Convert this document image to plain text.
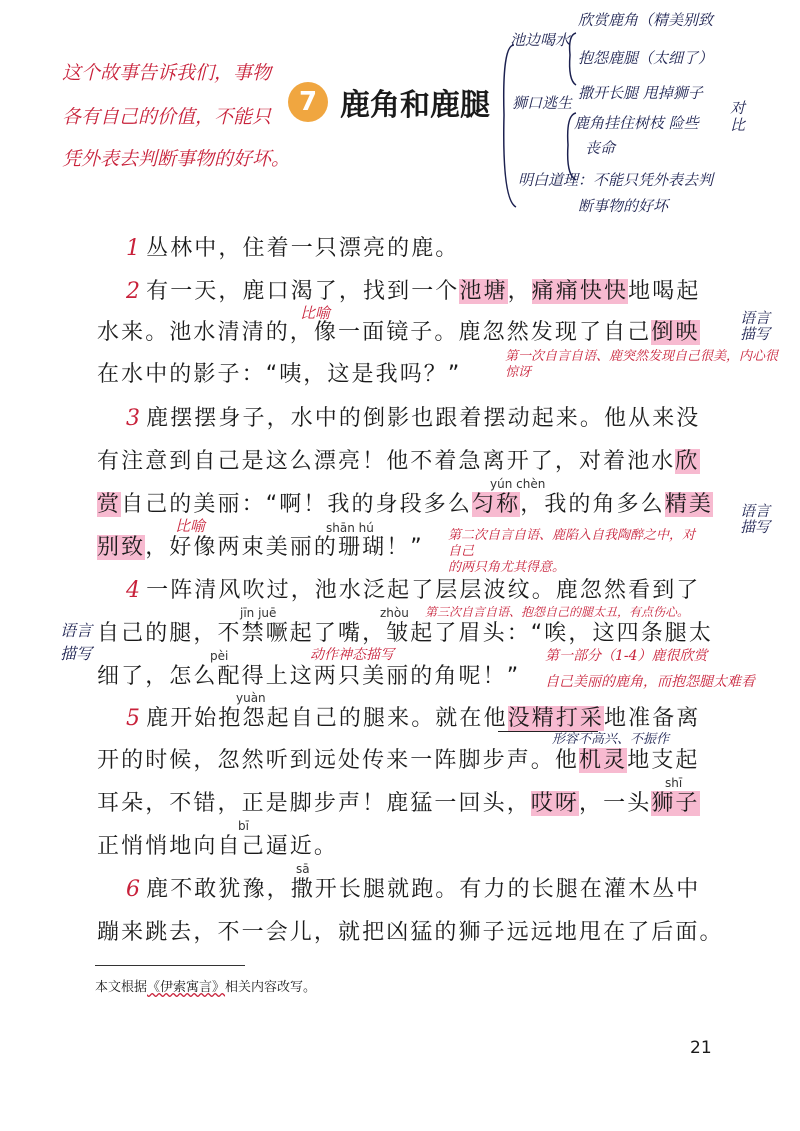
这个故事告诉我们，事物
各有自己的价值，不能只
凭外表去判断事物的好坏。
7 鹿角和鹿腿
池边喝水
欣赏鹿角（精美别致
抱怨鹿腿（太细了）
狮口逃生
撒开长腿 甩掉狮子
鹿角挂住树枝 险些
丧命
对比
明白道理：不能只凭外表去判
断事物的好坏
1 丛林中，住着一只漂亮的鹿。
2 有一天，鹿口渴了，找到一个池塘，痛痛快快地喝起
水来。池水清清的，像一面镜子。鹿忽然发现了自己倒映
在水中的影子：“咦，这是我吗？”
3 鹿摆摆身子，水中的倒影也跟着摆动起来。他从来没
有注意到自己是这么漂亮！他不着急离开了，对着池水欣
赏自己的美丽：“啊！我的身段多么匀称，我的角多么精美
别致，好像两束美丽的珊瑚！”
4 一阵清风吹过，池水泛起了层层波纹。鹿忽然看到了
自己的腿，不禁噘起了嘴，皱起了眉头：“唉，这四条腿太
细了，怎么配得上这两只美丽的角呢！”
5 鹿开始抱怨起自己的腿来。就在他没精打采地准备离
开的时候，忽然听到远处传来一阵脚步声。他机灵地支起
耳朵，不错，正是脚步声！鹿猛一回头，哎呀，一头狮子
正悄悄地向自己逼近。
6 鹿不敢犹豫，撒开长腿就跑。有力的长腿在灌木丛中
蹦来跳去，不一会儿，就把凶猛的狮子远远地甩在了后面。
yún chèn
shān hú
jīn juē	zhòu
pèi
yuàn
shī
bī
sā
比喻	语言描写
第一次自言自语、鹿突然发现自己很美，内心很惊讶
语言描写
比喻
第二次自言自语、鹿陷入自我陶醉之中，对自己
的两只角尤其得意。
第三次自言自语、抱怨自己的腿太丑，有点伤心。
语言
描写	动作神态描写	第一部分（1-4）鹿很欣赏
自己美丽的鹿角，而抱怨腿太难看
形容不高兴、不振作
本文根据《伊索寓言》相关内容改写。
21
